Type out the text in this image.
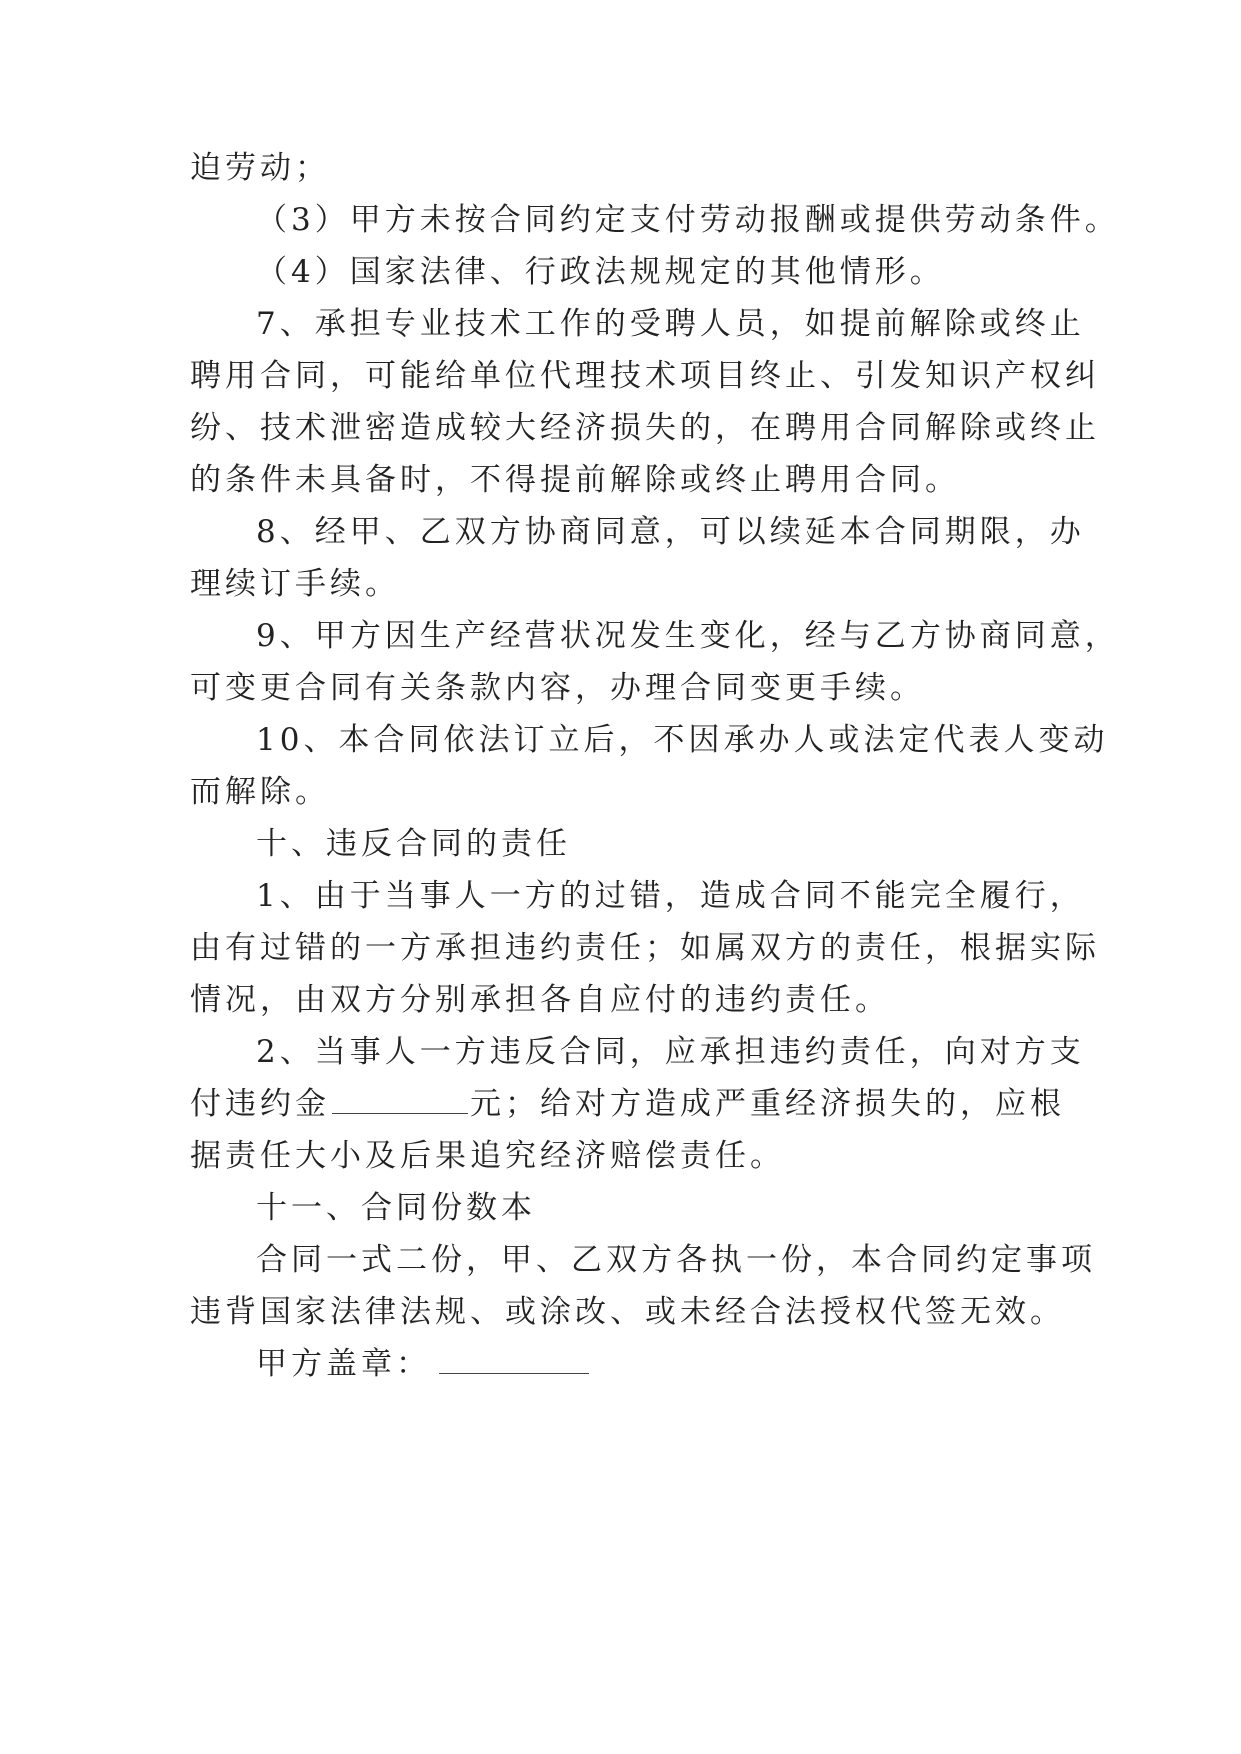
迫劳动；
（3）甲方未按合同约定支付劳动报酬或提供劳动条件。
（4）国家法律、行政法规规定的其他情形。
7、承担专业技术工作的受聘人员，如提前解除或终止
聘用合同，可能给单位代理技术项目终止、引发知识产权纠
纷、技术泄密造成较大经济损失的，在聘用合同解除或终止
的条件未具备时，不得提前解除或终止聘用合同。
8、经甲、乙双方协商同意，可以续延本合同期限，办
理续订手续。
9、甲方因生产经营状况发生变化，经与乙方协商同意，
可变更合同有关条款内容，办理合同变更手续。
10、本合同依法订立后，不因承办人或法定代表人变动
而解除。
十、违反合同的责任
1、由于当事人一方的过错，造成合同不能完全履行，
由有过错的一方承担违约责任；如属双方的责任，根据实际
情况，由双方分别承担各自应付的违约责任。
2、当事人一方违反合同，应承担违约责任，向对方支
付违约金	元；给对方造成严重经济损失的，应根
据责任大小及后果追究经济赔偿责任。
十一、合同份数本
合同一式二份，甲、乙双方各执一份，本合同约定事项
违背国家法律法规、或涂改、或未经合法授权代签无效。
甲方盖章：
